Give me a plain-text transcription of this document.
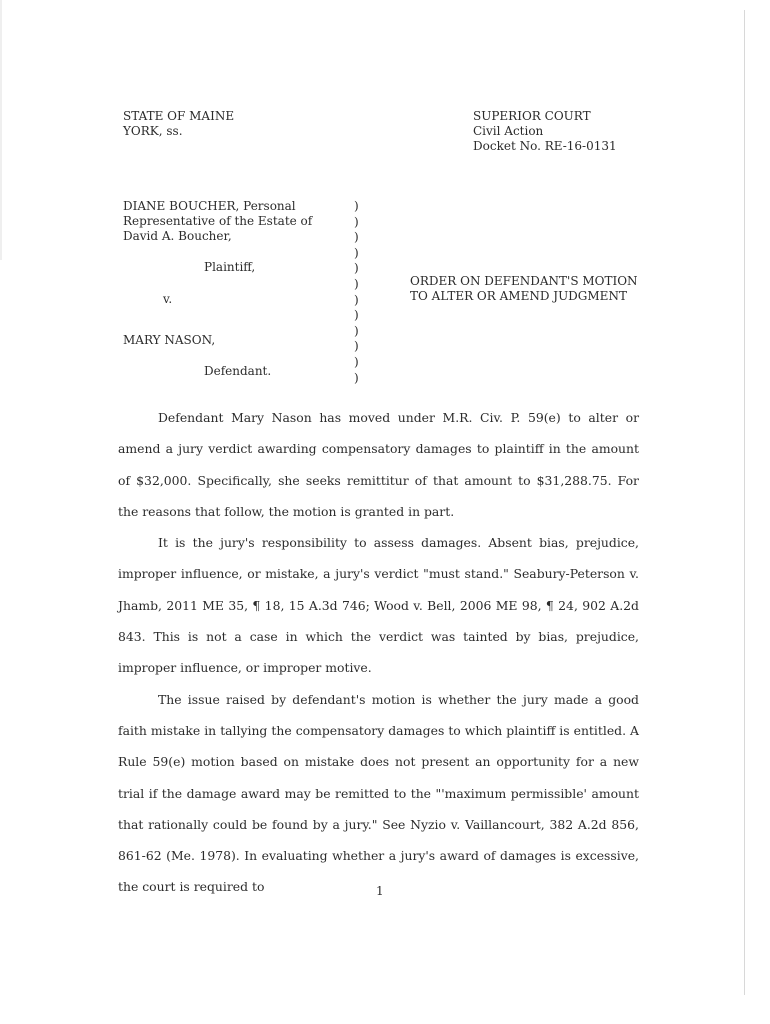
STATE OF MAINE
YORK, ss.
SUPERIOR COURT
Civil Action
Docket No. RE-16-0131
DIANE BOUCHER, Personal
Representative of the Estate of
David A. Boucher,
Plaintiff,
v.
MARY NASON,
Defendant.
)
)
)
)
)
)
)
)
)
)
)
)
ORDER ON DEFENDANT'S MOTION
TO ALTER OR AMEND JUDGMENT

Defendant Mary Nason has moved under M.R. Civ. P. 59(e) to alter or amend a jury verdict awarding compensatory damages to plaintiff in the amount of $32,000. Specifically, she seeks remittitur of that amount to $31,288.75. For the reasons that follow, the motion is granted in part.

It is the jury's responsibility to assess damages. Absent bias, prejudice, improper influence, or mistake, a jury's verdict "must stand." Seabury-Peterson v. Jhamb, 2011 ME 35, ¶ 18, 15 A.3d 746; Wood v. Bell, 2006 ME 98, ¶ 24, 902 A.2d 843. This is not a case in which the verdict was tainted by bias, prejudice, improper influence, or improper motive.

The issue raised by defendant's motion is whether the jury made a good faith mistake in tallying the compensatory damages to which plaintiff is entitled. A Rule 59(e) motion based on mistake does not present an opportunity for a new trial if the damage award may be remitted to the "'maximum permissible' amount that rationally could be found by a jury." See Nyzio v. Vaillancourt, 382 A.2d 856, 861-62 (Me. 1978). In evaluating whether a jury's award of damages is excessive, the court is required to	1
